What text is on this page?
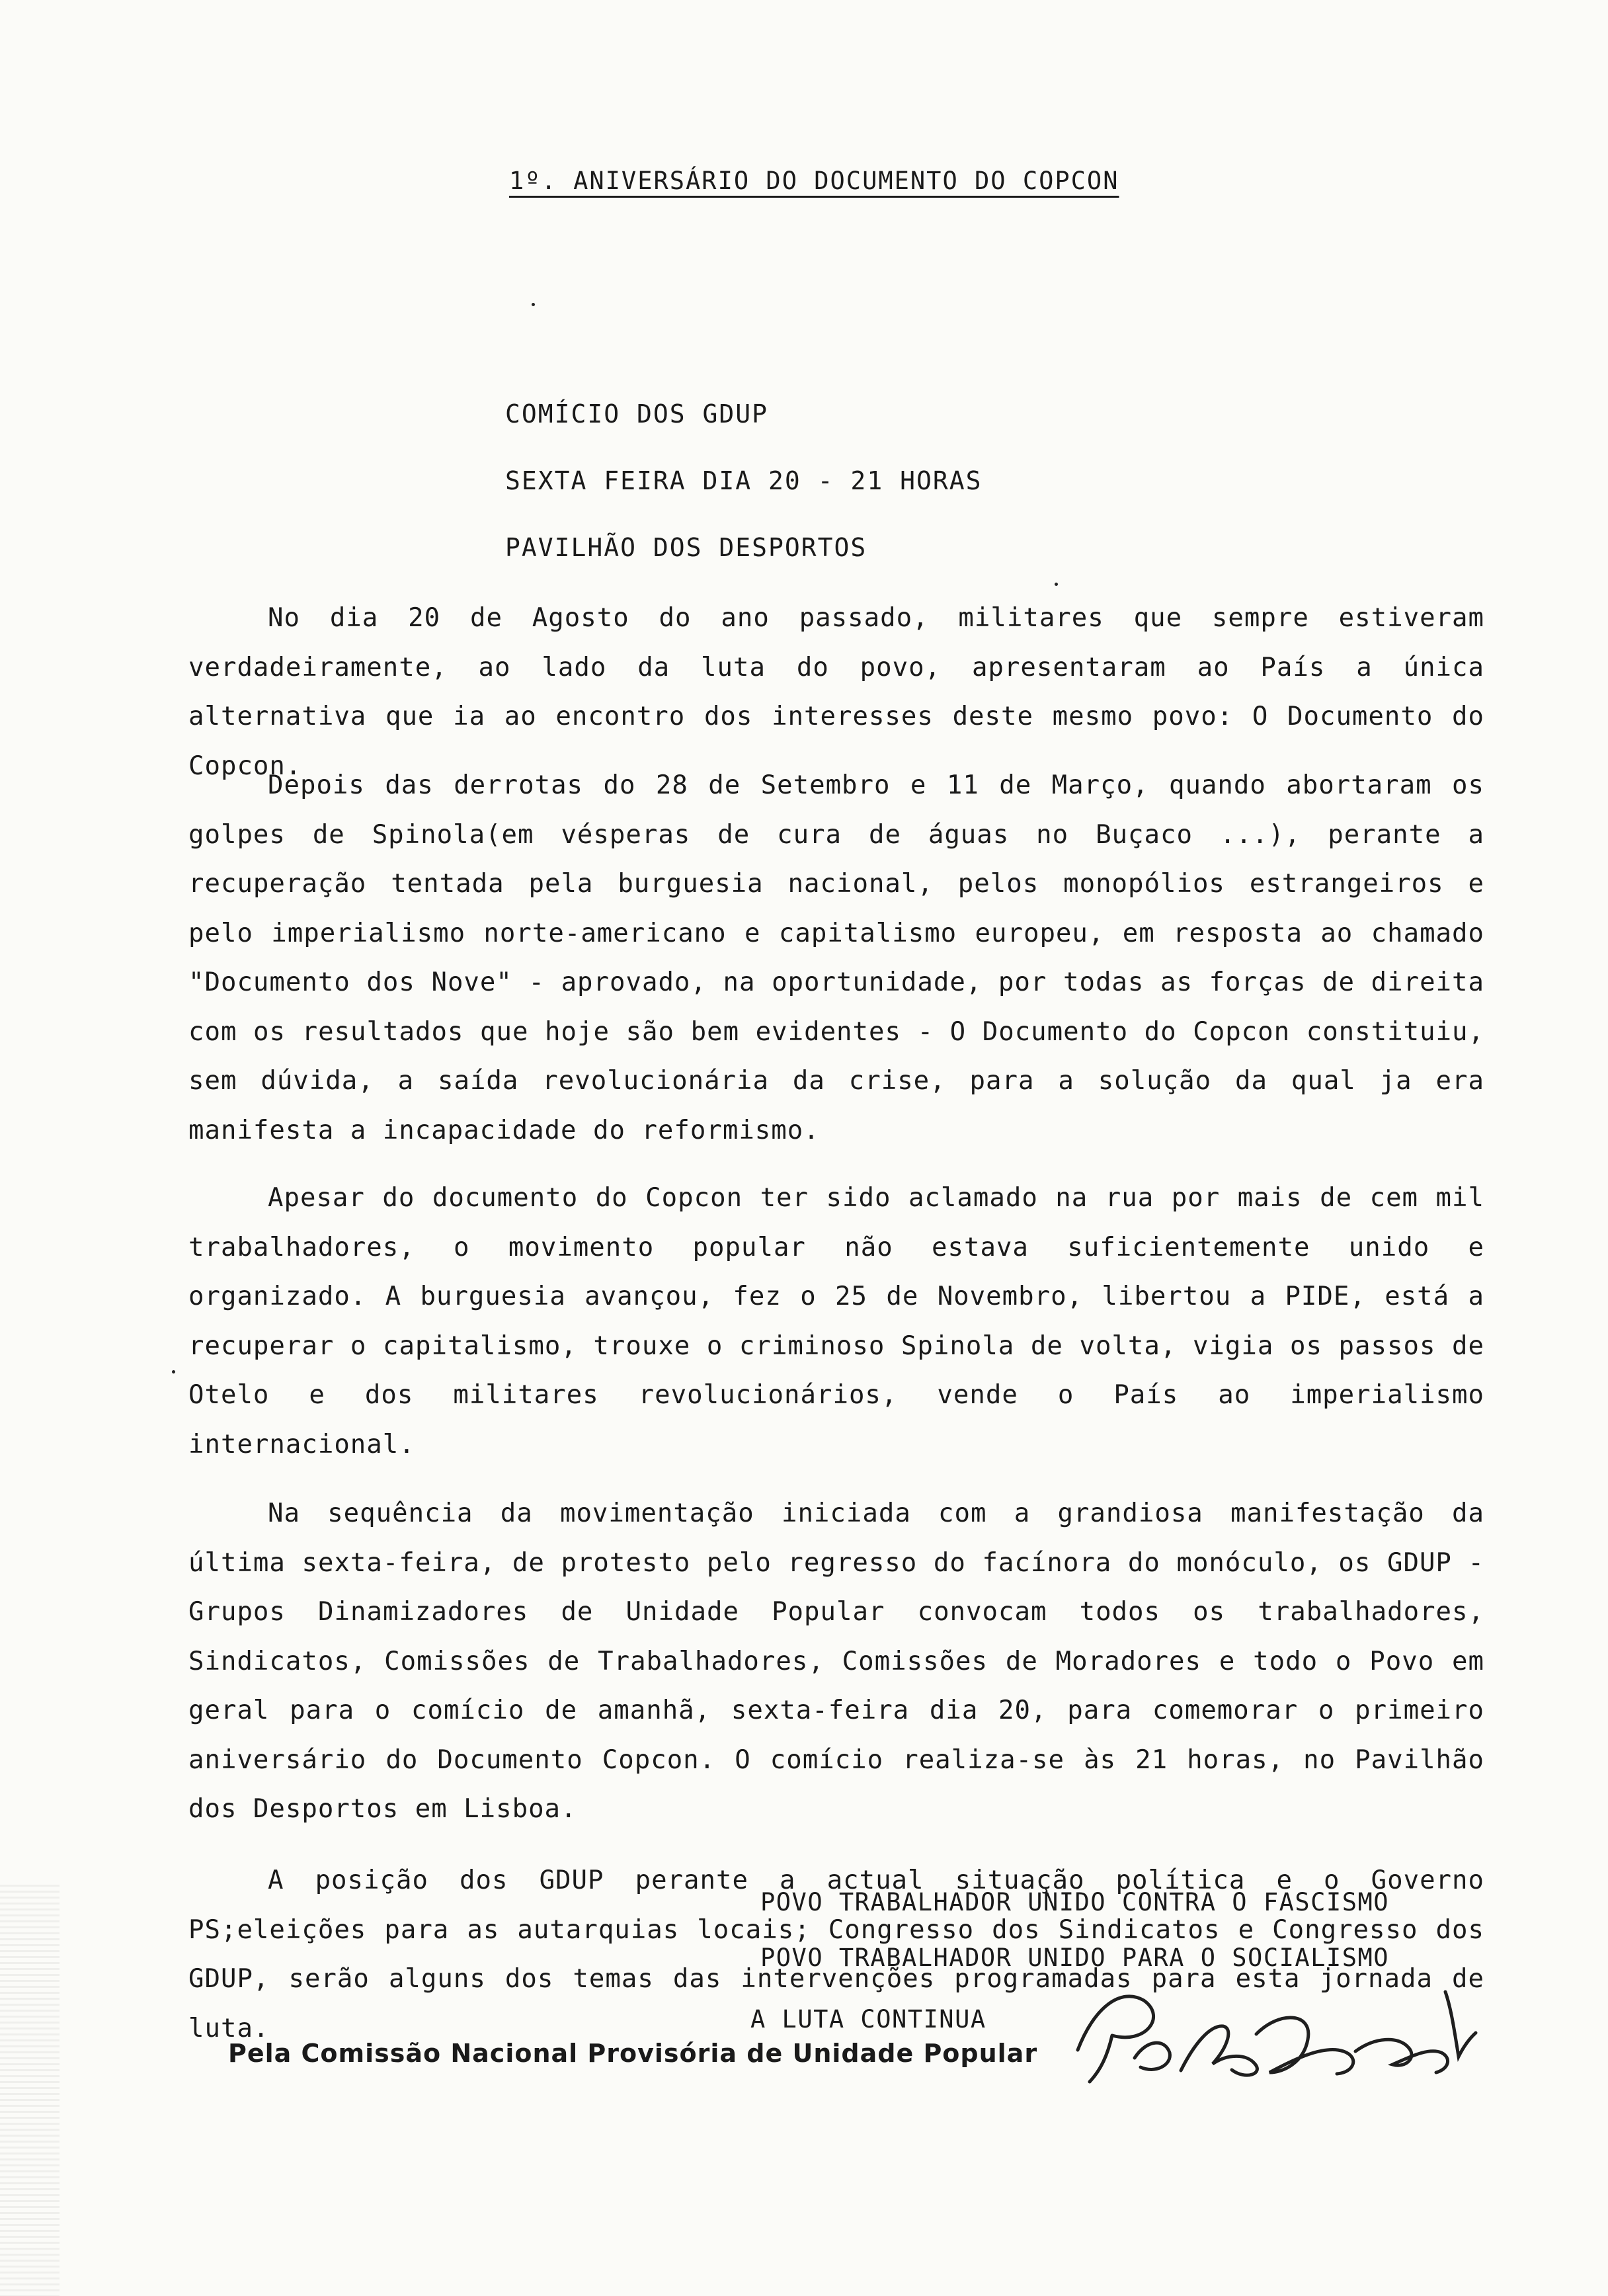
1º. ANIVERSÁRIO DO DOCUMENTO DO COPCON
COMÍCIO DOS GDUP
SEXTA FEIRA DIA 20 - 21 HORAS
PAVILHÃO DOS DESPORTOS

No dia 20 de Agosto do ano passado, militares que sempre estiveram verdadeiramente, ao lado da luta do povo, apresentaram ao País a única alternativa que ia ao encontro dos interesses deste mesmo povo: O Documento do Copcon.

Depois das derrotas do 28 de Setembro e 11 de Março, quando abortaram os golpes de Spinola(em vésperas de cura de águas no Buçaco ...), perante a recuperação tentada pela burguesia nacional, pelos monopólios estrangeiros e pelo imperialismo norte-americano e capitalismo europeu, em resposta ao chamado "Documento dos Nove" - aprovado, na oportunidade, por todas as forças de direita com os resultados que hoje são bem evidentes - O Documento do Copcon constituiu, sem dúvida, a saída revolucionária da crise, para a solução da qual ja era manifesta a incapacidade do reformismo.

Apesar do documento do Copcon ter sido aclamado na rua por mais de cem mil trabalhadores, o movimento popular não estava suficientemente unido e organizado. A burguesia avançou, fez o 25 de Novembro, libertou a PIDE, está a recuperar o capitalismo, trouxe o criminoso Spinola de volta, vigia os passos de Otelo e dos militares revolucionários, vende o País ao imperialismo internacional.

Na sequência da movimentação iniciada com a grandiosa manifestação da última sexta-feira, de protesto pelo regresso do facínora do monóculo, os GDUP - Grupos Dinamizadores de Unidade Popular convocam todos os trabalhadores, Sindicatos, Comissões de Trabalhadores, Comissões de Moradores e todo o Povo em geral para o comício de amanhã, sexta-feira dia 20, para comemorar o primeiro aniversário do Documento Copcon. O comício realiza-se às 21 horas, no Pavilhão dos Desportos em Lisboa.

A posição dos GDUP perante a actual situação política e o Governo PS;eleições para as autarquias locais; Congresso dos Sindicatos e Congresso dos GDUP, serão alguns dos temas das intervenções programadas para esta jornada de luta.

POVO TRABALHADOR UNIDO CONTRA O FASCISMO
POVO TRABALHADOR UNIDO PARA O SOCIALISMO
A LUTA CONTINUA
Pela Comissão Nacional Provisória de Unidade Popular
